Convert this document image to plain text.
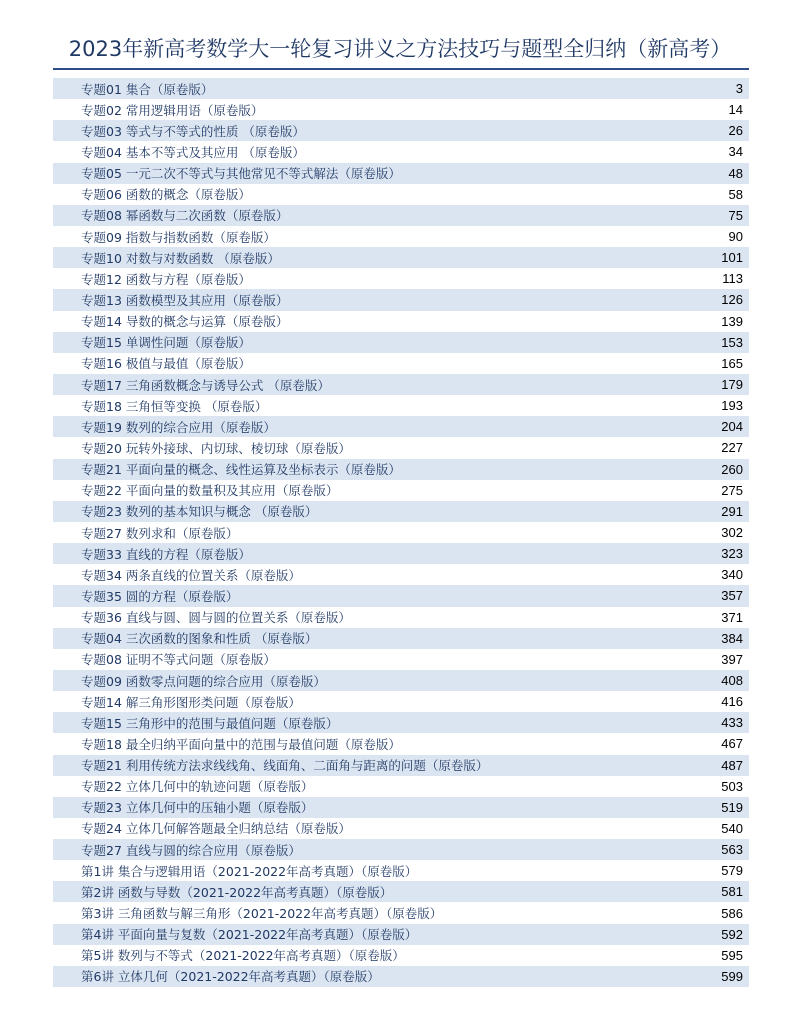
2023年新高考数学大一轮复习讲义之方法技巧与题型全归纳（新高考）
专题01 集合（原卷版）	3
专题02 常用逻辑用语（原卷版）	14
专题03 等式与不等式的性质 （原卷版）	26
专题04 基本不等式及其应用 （原卷版）	34
专题05 一元二次不等式与其他常见不等式解法（原卷版）	48
专题06 函数的概念（原卷版）	58
专题08 幂函数与二次函数（原卷版）	75
专题09 指数与指数函数（原卷版）	90
专题10 对数与对数函数 （原卷版）	101
专题12 函数与方程（原卷版）	113
专题13 函数模型及其应用（原卷版）	126
专题14 导数的概念与运算（原卷版）	139
专题15 单调性问题（原卷版）	153
专题16 极值与最值（原卷版）	165
专题17 三角函数概念与诱导公式 （原卷版）	179
专题18 三角恒等变换 （原卷版）	193
专题19 数列的综合应用（原卷版）	204
专题20 玩转外接球、内切球、棱切球（原卷版）	227
专题21 平面向量的概念、线性运算及坐标表示（原卷版）	260
专题22 平面向量的数量积及其应用（原卷版）	275
专题23 数列的基本知识与概念 （原卷版）	291
专题27 数列求和（原卷版）	302
专题33 直线的方程（原卷版）	323
专题34 两条直线的位置关系（原卷版）	340
专题35 圆的方程（原卷版）	357
专题36 直线与圆、圆与圆的位置关系（原卷版）	371
专题04 三次函数的图象和性质 （原卷版）	384
专题08 证明不等式问题（原卷版）	397
专题09 函数零点问题的综合应用（原卷版）	408
专题14 解三角形图形类问题（原卷版）	416
专题15 三角形中的范围与最值问题（原卷版）	433
专题18 最全归纳平面向量中的范围与最值问题（原卷版）	467
专题21 利用传统方法求线线角、线面角、二面角与距离的问题（原卷版）	487
专题22 立体几何中的轨迹问题（原卷版）	503
专题23 立体几何中的压轴小题（原卷版）	519
专题24 立体几何解答题最全归纳总结（原卷版）	540
专题27 直线与圆的综合应用（原卷版）	563
第1讲 集合与逻辑用语（2021-2022年高考真题）（原卷版）	579
第2讲 函数与导数（2021-2022年高考真题）（原卷版）	581
第3讲 三角函数与解三角形（2021-2022年高考真题）（原卷版）	586
第4讲 平面向量与复数（2021-2022年高考真题）（原卷版）	592
第5讲 数列与不等式（2021-2022年高考真题）（原卷版）	595
第6讲 立体几何（2021-2022年高考真题）（原卷版）	599
